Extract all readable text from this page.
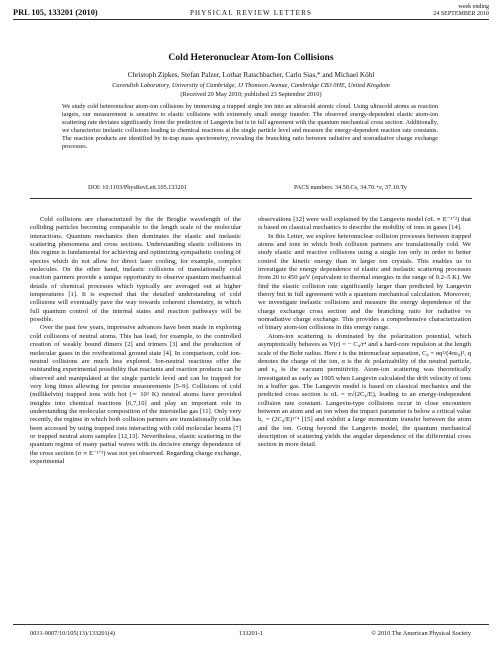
PRL 105, 133201 (2010)	PHYSICAL REVIEW LETTERS
week ending
24 SEPTEMBER 2010
Cold Heteronuclear Atom-Ion Collisions
Christoph Zipkes, Stefan Palzer, Lothar Ratschbacher, Carlo Sias,* and Michael Köhl
Cavendish Laboratory, University of Cambridge, JJ Thomson Avenue, Cambridge CB3 0HE, United Kingdom
(Received 20 May 2010; published 23 September 2010)
We study cold heteronuclear atom-ion collisions by immersing a trapped single ion into an ultracold atomic cloud. Using ultracold atoms as reaction targets, our measurement is sensitive to elastic collisions with extremely small energy transfer. The observed energy-dependent elastic atom-ion scattering rate deviates significantly from the prediction of Langevin but is in full agreement with the quantum mechanical cross section. Additionally, we characterize inelastic collisions leading to chemical reactions at the single particle level and measure the energy-dependent reaction rate constants. The reaction products are identified by in-trap mass spectrometry, revealing the branching ratio between radiative and nonradiative charge exchange processes.
DOI: 10.1103/PhysRevLett.105.133201	PACS numbers: 34.50.Cs, 34.70.+e, 37.10.Ty

Cold collisions are characterized by the de Broglie wavelength of the colliding particles becoming comparable to the length scale of the molecular interactions. Quantum mechanics then dominates the elastic and inelastic scattering phenomena and cross sections. Understanding elastic collisions in this regime is fundamental for achieving and optimizing sympathetic cooling of species which do not allow for direct laser cooling, for example, complex molecules. On the other hand, inelastic collisions of translationally cold reaction partners provide a unique opportunity to observe quantum mechanical details of chemical processes which typically are averaged out at higher temperatures [1]. It is expected that the detailed understanding of cold collisions will eventually pave the way towards coherent chemistry, in which full quantum control of the internal states and reaction pathways will be possible.

Over the past few years, impressive advances have been made in exploring cold collisions of neutral atoms. This has lead, for example, to the controlled creation of weakly bound dimers [2] and trimers [3] and the production of molecular gases in the rovibrational ground state [4]. In comparison, cold ion-neutral collisions are much less explored. Ion-neutral reactions offer the outstanding experimental possibility that reactants and reaction products can be observed and manipulated at the single particle level and can be trapped for very long times allowing for precise measurements [5–9]. Collisions of cold (millikelvin) trapped ions with hot (∼ 10² K) neutral atoms have provided insights into chemical reactions [6,7,10] and play an important role in understanding the molecular composition of the interstellar gas [11]. Only very recently, the regime in which both collision partners are translationally cold has been accessed by using trapped ions interacting with cold molecular beams [7] or trapped neutral atom samples [12,13]. Nevertheless, elastic scattering in the quantum regime of many partial waves with its decisive energy dependence of the cross section (σ ∝ E⁻¹ᐟ³) was not yet observed. Regarding charge exchange, experimental

observations [12] were well explained by the Langevin model (σL ∝ E⁻¹ᐟ²) that is based on classical mechanics to describe the mobility of ions in gases [14].

In this Letter, we explore heteronuclear collision processes between trapped atoms and ions in which both collision partners are translationally cold. We study elastic and reactive collisions using a single ion only in order to better control the kinetic energy than in larger ion crystals. This enables us to investigate the energy dependence of elastic and inelastic scattering processes from 20 to 450 μeV (equivalent to thermal energies in the range of 0.2–5 K). We find the elastic collision rate significantly larger than predicted by Langevin theory but in full agreement with a quantum mechanical calculation. Moreover, we investigate inelastic collisions and measure the energy dependence of the charge exchange cross section and the branching ratio for radiative vs nonradiative charge exchange. This provides a comprehensive characterization of binary atom-ion collisions in this energy range.

Atom-ion scattering is dominated by the polarization potential, which asymptotically behaves as V(r) = − C₄/r⁴ and a hard-core repulsion at the length scale of the Bohr radius. Here r is the internuclear separation, C₄ = αq²/(4πε₀)², q denotes the charge of the ion, α is the dc polarizability of the neutral particle, and ε₀ is the vacuum permittivity. Atom-ion scattering was theoretically investigated as early as 1905 when Langevin calculated the drift velocity of ions in a buffer gas. The Langevin model is based on classical mechanics and the predicted cross section is σL = π√(2C₄/E), leading to an energy-independent collision rate constant. Langevin-type collisions occur in close encounters between an atom and an ion when the impact parameter is below a critical value b꜀ = (2C₄/E)¹ᐟ⁴ [15] and exhibit a large momentum transfer between the atom and the ion. Going beyond the Langevin model, the quantum mechanical description of scattering yields the angular dependence of the differential cross section in more detail.

0031-9007/10/105(13)/133201(4)	133201-1	© 2010 The American Physical Society
